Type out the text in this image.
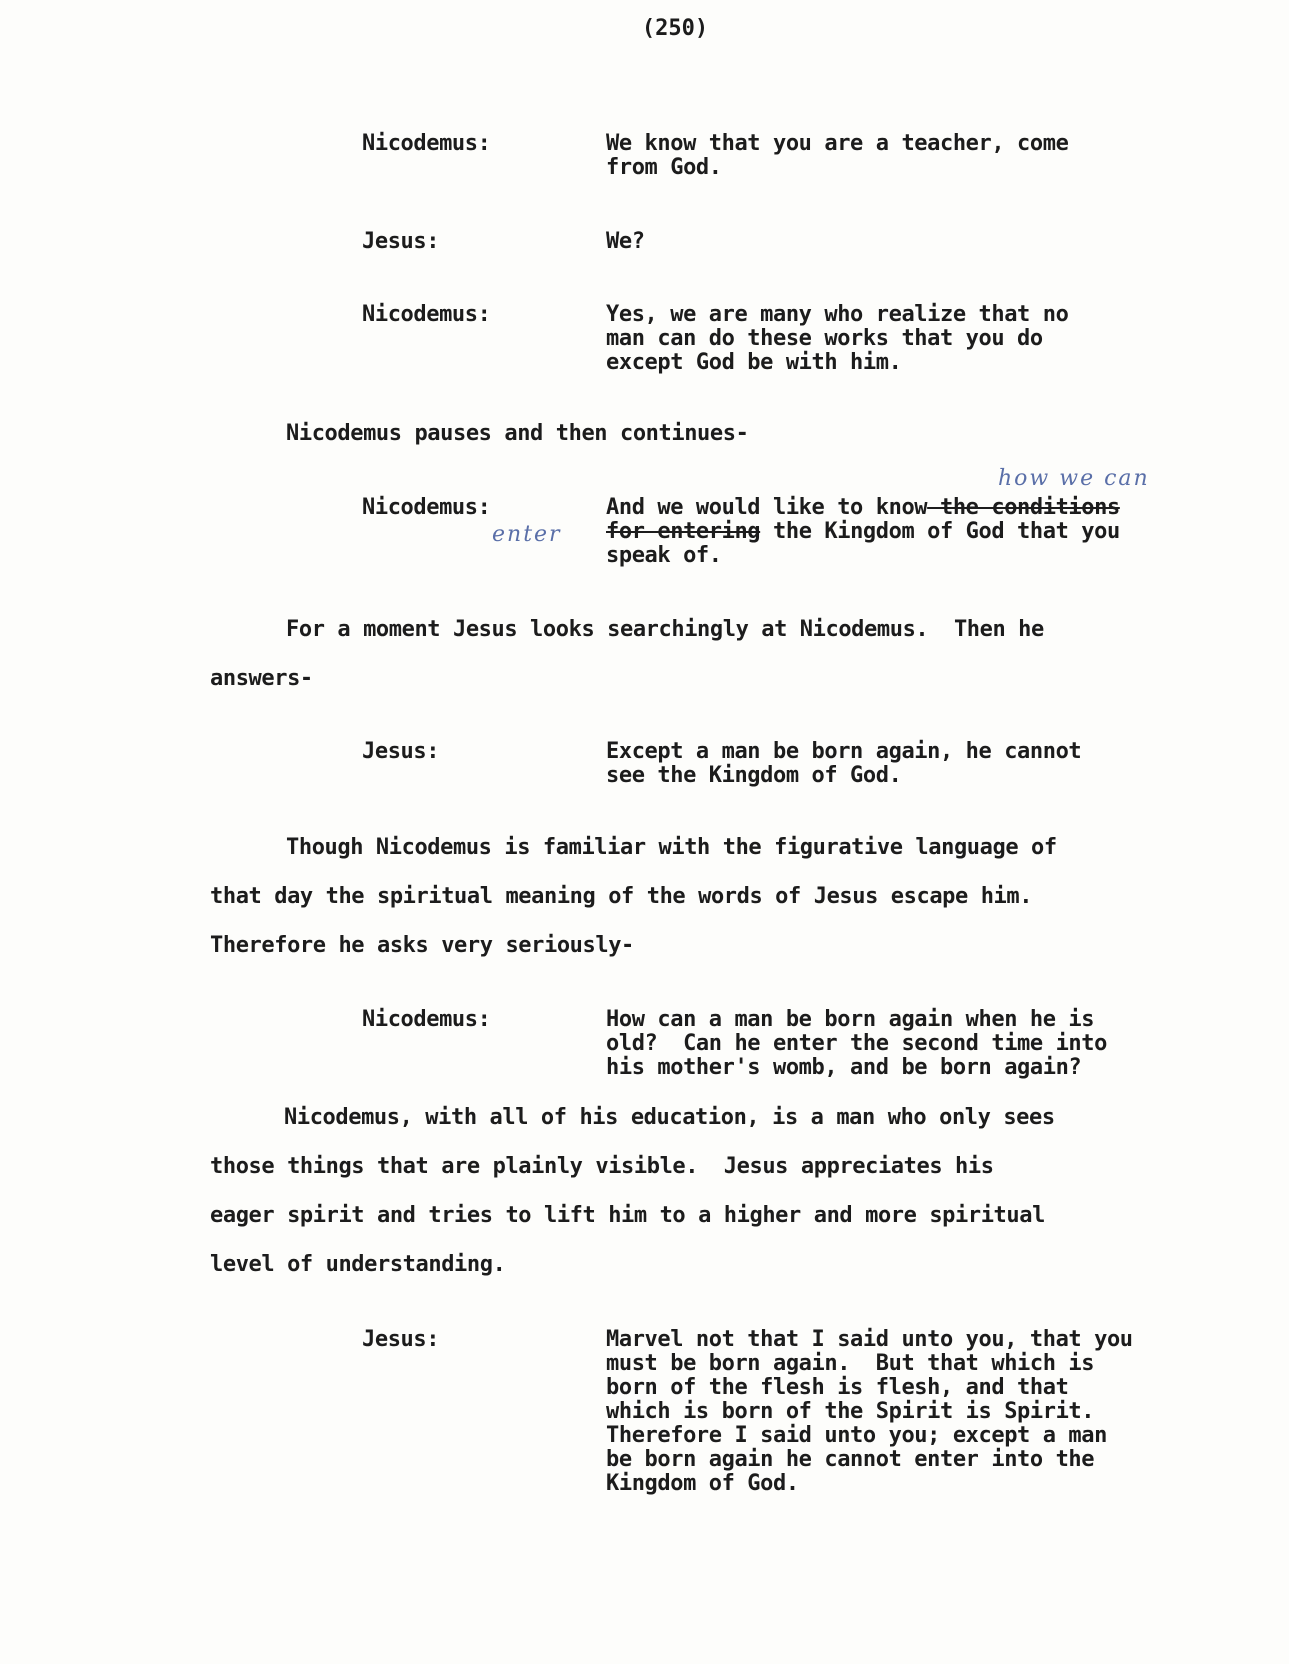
(250)
Nicodemus:	We know that you are a teacher, come
from God.
Jesus:	We?
Nicodemus:	Yes, we are many who realize that no
man can do these works that you do
except God be with him.
Nicodemus pauses and then continues-
how we can
enter
Nicodemus:	And we would like to know the conditions
for entering the Kingdom of God that you
speak of.
For a moment Jesus looks searchingly at Nicodemus.  Then he
answers-
Jesus:	Except a man be born again, he cannot
see the Kingdom of God.
Though Nicodemus is familiar with the figurative language of
that day the spiritual meaning of the words of Jesus escape him.
Therefore he asks very seriously-
Nicodemus:	How can a man be born again when he is
old?  Can he enter the second time into
his mother's womb, and be born again?
Nicodemus, with all of his education, is a man who only sees
those things that are plainly visible.  Jesus appreciates his
eager spirit and tries to lift him to a higher and more spiritual
level of understanding.
Jesus:	Marvel not that I said unto you, that you
must be born again.  But that which is
born of the flesh is flesh, and that
which is born of the Spirit is Spirit.
Therefore I said unto you; except a man
be born again he cannot enter into the
Kingdom of God.
